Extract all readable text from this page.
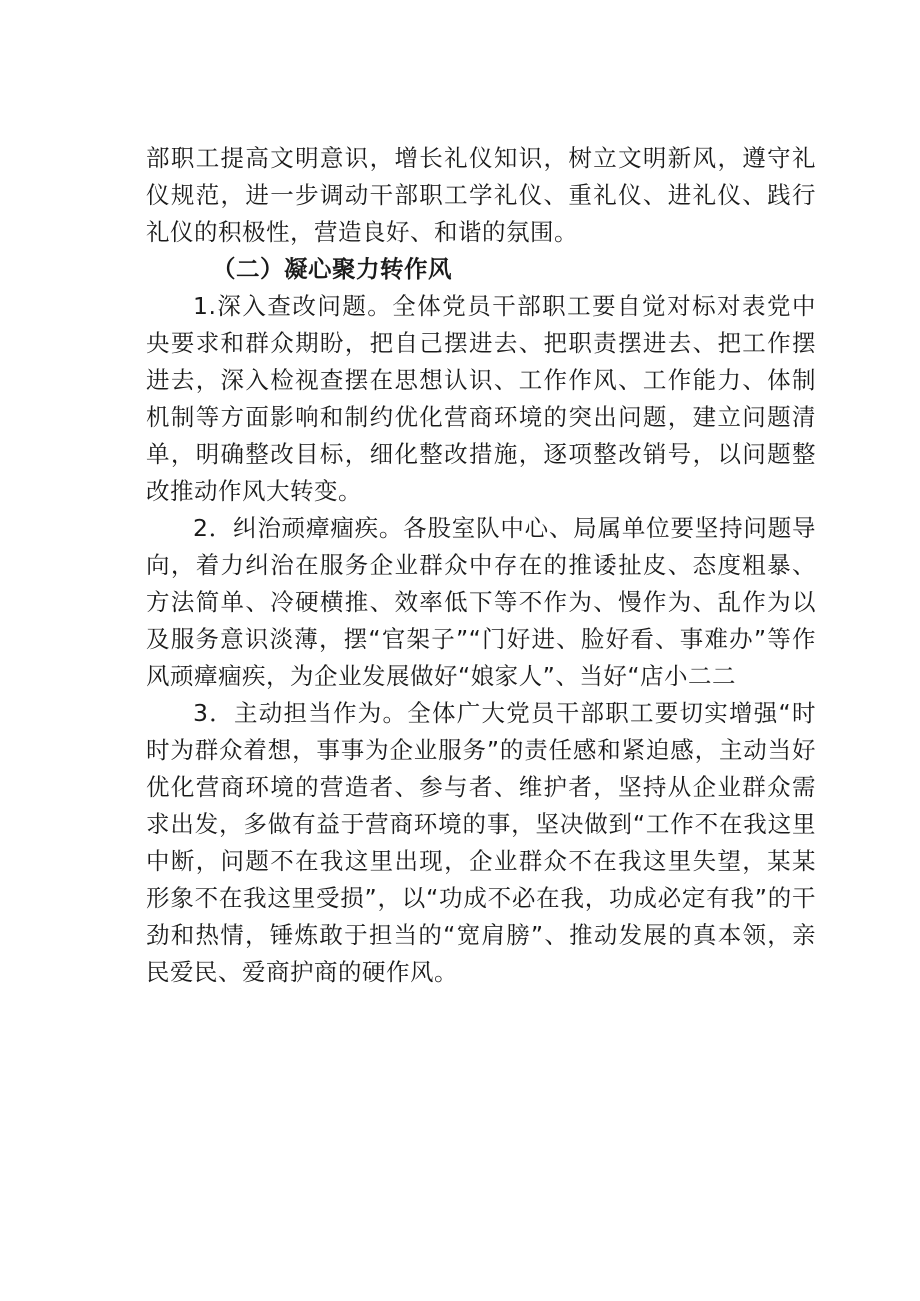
部职工提高文明意识，增长礼仪知识，树立文明新风，遵守礼仪规范，进一步调动干部职工学礼仪、重礼仪、进礼仪、践行礼仪的积极性，营造良好、和谐的氛围。

（二）凝心聚力转作风

1.深入查改问题。全体党员干部职工要自觉对标对表党中央要求和群众期盼，把自己摆进去、把职责摆进去、把工作摆进去，深入检视查摆在思想认识、工作作风、工作能力、体制机制等方面影响和制约优化营商环境的突出问题，建立问题清单，明确整改目标，细化整改措施，逐项整改销号，以问题整改推动作风大转变。

2．纠治顽瘴痼疾。各股室队中心、局属单位要坚持问题导向，着力纠治在服务企业群众中存在的推诿扯皮、态度粗暴、方法简单、冷硬横推、效率低下等不作为、慢作为、乱作为以及服务意识淡薄，摆“官架子”“门好进、脸好看、事难办”等作风顽瘴痼疾，为企业发展做好“娘家人”、当好“店小二二

3．主动担当作为。全体广大党员干部职工要切实增强“时时为群众着想，事事为企业服务”的责任感和紧迫感，主动当好优化营商环境的营造者、参与者、维护者，坚持从企业群众需求出发，多做有益于营商环境的事，坚决做到“工作不在我这里中断，问题不在我这里出现，企业群众不在我这里失望，某某形象不在我这里受损”，以“功成不必在我，功成必定有我”的干劲和热情，锤炼敢于担当的“宽肩膀”、推动发展的真本领，亲民爱民、爱商护商的硬作风。
